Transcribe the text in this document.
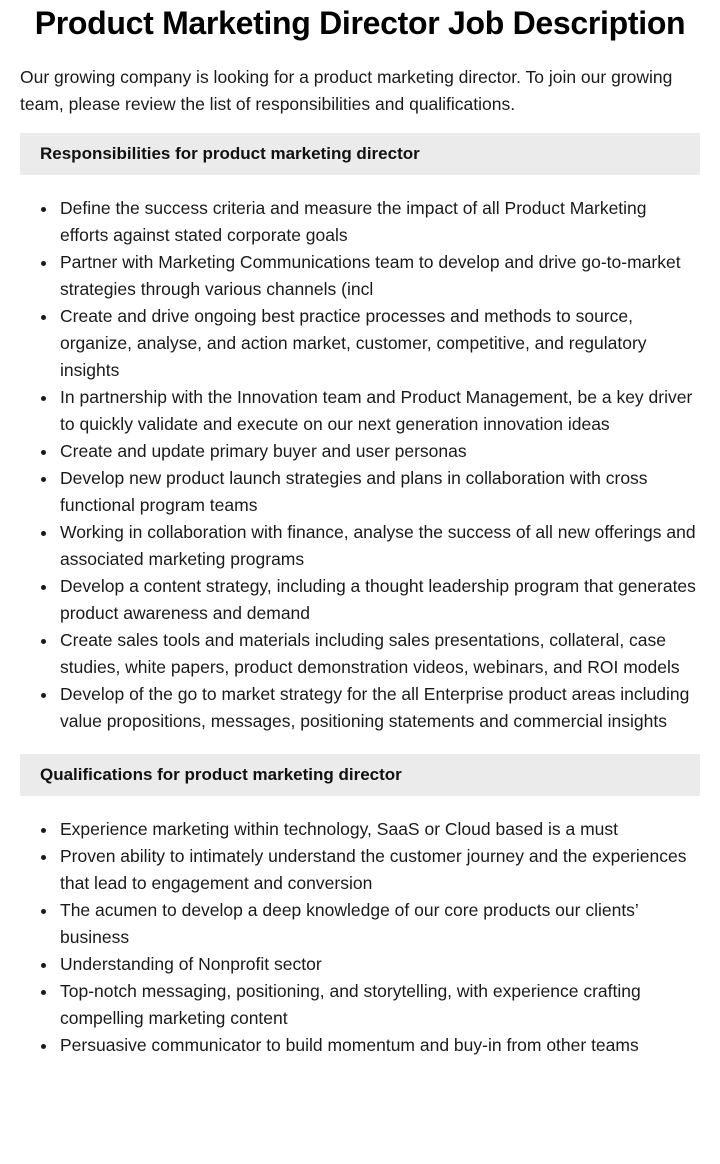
Product Marketing Director Job Description

Our growing company is looking for a product marketing director. To join our growing team, please review the list of responsibilities and qualifications.

Responsibilities for product marketing director
Define the success criteria and measure the impact of all Product Marketing efforts against stated corporate goals
Partner with Marketing Communications team to develop and drive go-to-market strategies through various channels (incl
Create and drive ongoing best practice processes and methods to source, organize, analyse, and action market, customer, competitive, and regulatory insights
In partnership with the Innovation team and Product Management, be a key driver to quickly validate and execute on our next generation innovation ideas
Create and update primary buyer and user personas
Develop new product launch strategies and plans in collaboration with cross functional program teams
Working in collaboration with finance, analyse the success of all new offerings and associated marketing programs
Develop a content strategy, including a thought leadership program that generates product awareness and demand
Create sales tools and materials including sales presentations, collateral, case studies, white papers, product demonstration videos, webinars, and ROI models
Develop of the go to market strategy for the all Enterprise product areas including value propositions, messages, positioning statements and commercial insights
Qualifications for product marketing director
Experience marketing within technology, SaaS or Cloud based is a must
Proven ability to intimately understand the customer journey and the experiences that lead to engagement and conversion
The acumen to develop a deep knowledge of our core products our clients’ business
Understanding of Nonprofit sector
Top-notch messaging, positioning, and storytelling, with experience crafting compelling marketing content
Persuasive communicator to build momentum and buy-in from other teams
